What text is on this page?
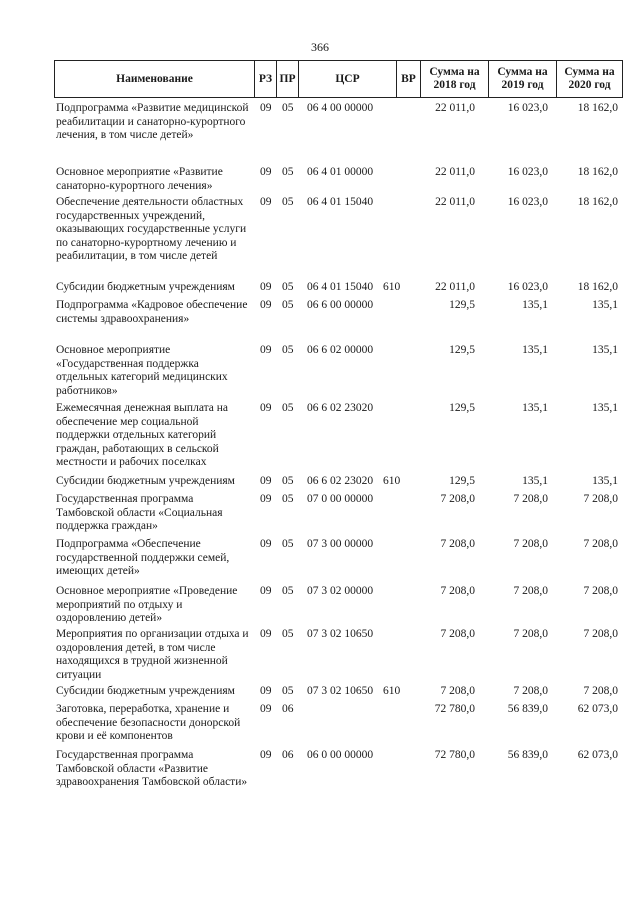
366
Наименование	РЗ	ПР	ЦСР	ВР	Сумма на 2018 год	Сумма на 2019 год	Сумма на 2020 год
Подпрограмма «Развитие медицинской реабилитации и санаторно-курортного лечения, в том числе детей»
09 05	06 4 00 00000	22 011,0	16 023,0	18 162,0
Основное мероприятие «Развитие санаторно-курортного лечения»
09 05	06 4 01 00000	22 011,0	16 023,0	18 162,0
Обеспечение деятельности областных государственных учреждений, оказывающих государственные услуги по санаторно-курортному лечению и реабилитации, в том числе детей
09 05	06 4 01 15040	22 011,0	16 023,0	18 162,0
Субсидии бюджетным учреждениям	09 05	06 4 01 15040 610	22 011,0	16 023,0	18 162,0
Подпрограмма «Кадровое обеспечение системы здравоохранения»
09 05	06 6 00 00000	129,5	135,1	135,1
Основное мероприятие «Государственная поддержка отдельных категорий медицинских работников»
09 05	06 6 02 00000	129,5	135,1	135,1
Ежемесячная денежная выплата на обеспечение мер социальной поддержки отдельных категорий граждан, работающих в сельской местности и рабочих поселках
09 05	06 6 02 23020	129,5	135,1	135,1
Субсидии бюджетным учреждениям	09 05	06 6 02 23020 610	129,5	135,1	135,1
Государственная программа Тамбовской области «Социальная поддержка граждан»
09 05	07 0 00 00000	7 208,0	7 208,0	7 208,0
Подпрограмма «Обеспечение государственной поддержки семей, имеющих детей»
09 05	07 3 00 00000	7 208,0	7 208,0	7 208,0
Основное мероприятие «Проведение мероприятий по отдыху и оздоровлению детей»
09 05	07 3 02 00000	7 208,0	7 208,0	7 208,0
Мероприятия по организации отдыха и оздоровления детей, в том числе находящихся в трудной жизненной ситуации
09 05	07 3 02 10650	7 208,0	7 208,0	7 208,0
Субсидии бюджетным учреждениям	09 05	07 3 02 10650 610	7 208,0	7 208,0	7 208,0
Заготовка, переработка, хранение и обеспечение безопасности донорской крови и её компонентов
09 06	72 780,0	56 839,0	62 073,0
Государственная программа Тамбовской области «Развитие здравоохранения Тамбовской области»
09 06	06 0 00 00000	72 780,0	56 839,0	62 073,0
